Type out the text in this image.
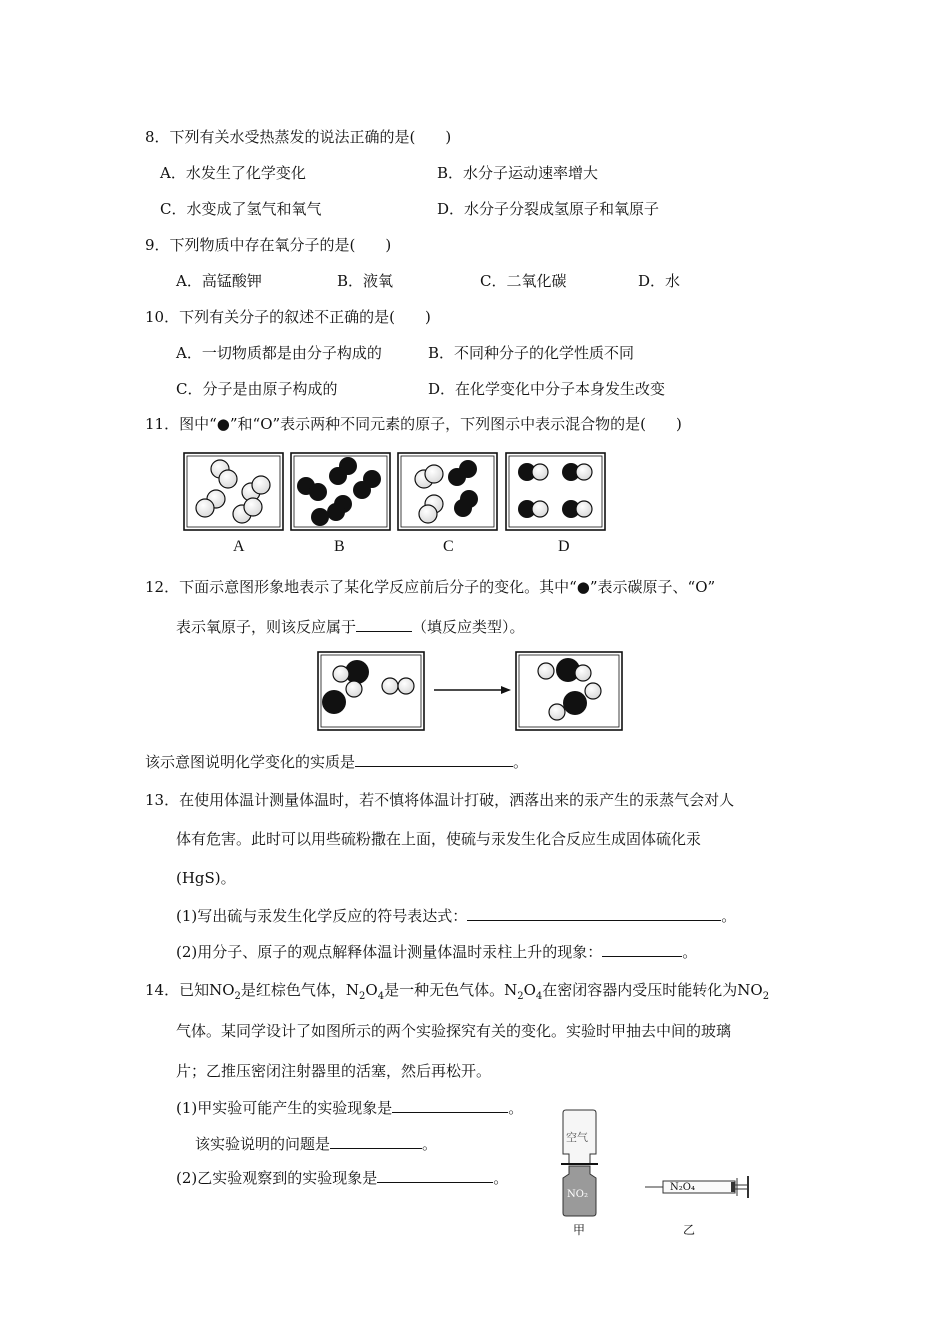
8．下列有关水受热蒸发的说法正确的是(　　)
A．水发生了化学变化	B．水分子运动速率增大
C．水变成了氢气和氧气	D．水分子分裂成氢原子和氧原子
9．下列物质中存在氧分子的是(　　)
A．高锰酸钾	B．液氧	C．二氧化碳	D．水
10．下列有关分子的叙述不正确的是(　　)
A．一切物质都是由分子构成的	B．不同种分子的化学性质不同
C．分子是由原子构成的	D．在化学变化中分子本身发生改变
11．图中“●”和“O”表示两种不同元素的原子，下列图示中表示混合物的是(　　)
A	B	C	D
12．下面示意图形象地表示了某化学反应前后分子的变化。其中“●”表示碳原子、“O”
表示氧原子，则该反应属于	（填反应类型）。
该示意图说明化学变化的实质是	。
13．在使用体温计测量体温时，若不慎将体温计打破，洒落出来的汞产生的汞蒸气会对人
体有危害。此时可以用些硫粉撒在上面，使硫与汞发生化合反应生成固体硫化汞
(HgS)。
(1)写出硫与汞发生化学反应的符号表达式：	。
(2)用分子、原子的观点解释体温计测量体温时汞柱上升的现象：	。
14．已知$NO_2$是红棕色气体，$N_2O_4$是一种无色气体。$N_2O_4$在密闭容器内受压时能转化为$NO_2$
气体。某同学设计了如图所示的两个实验探究有关的变化。实验时甲抽去中间的玻璃
片；乙推压密闭注射器里的活塞，然后再松开。
(1)甲实验可能产生的实验现象是	。
该实验说明的问题是	。
(2)乙实验观察到的实验现象是	。
空气
NO₂
甲
N₂O₄
乙
